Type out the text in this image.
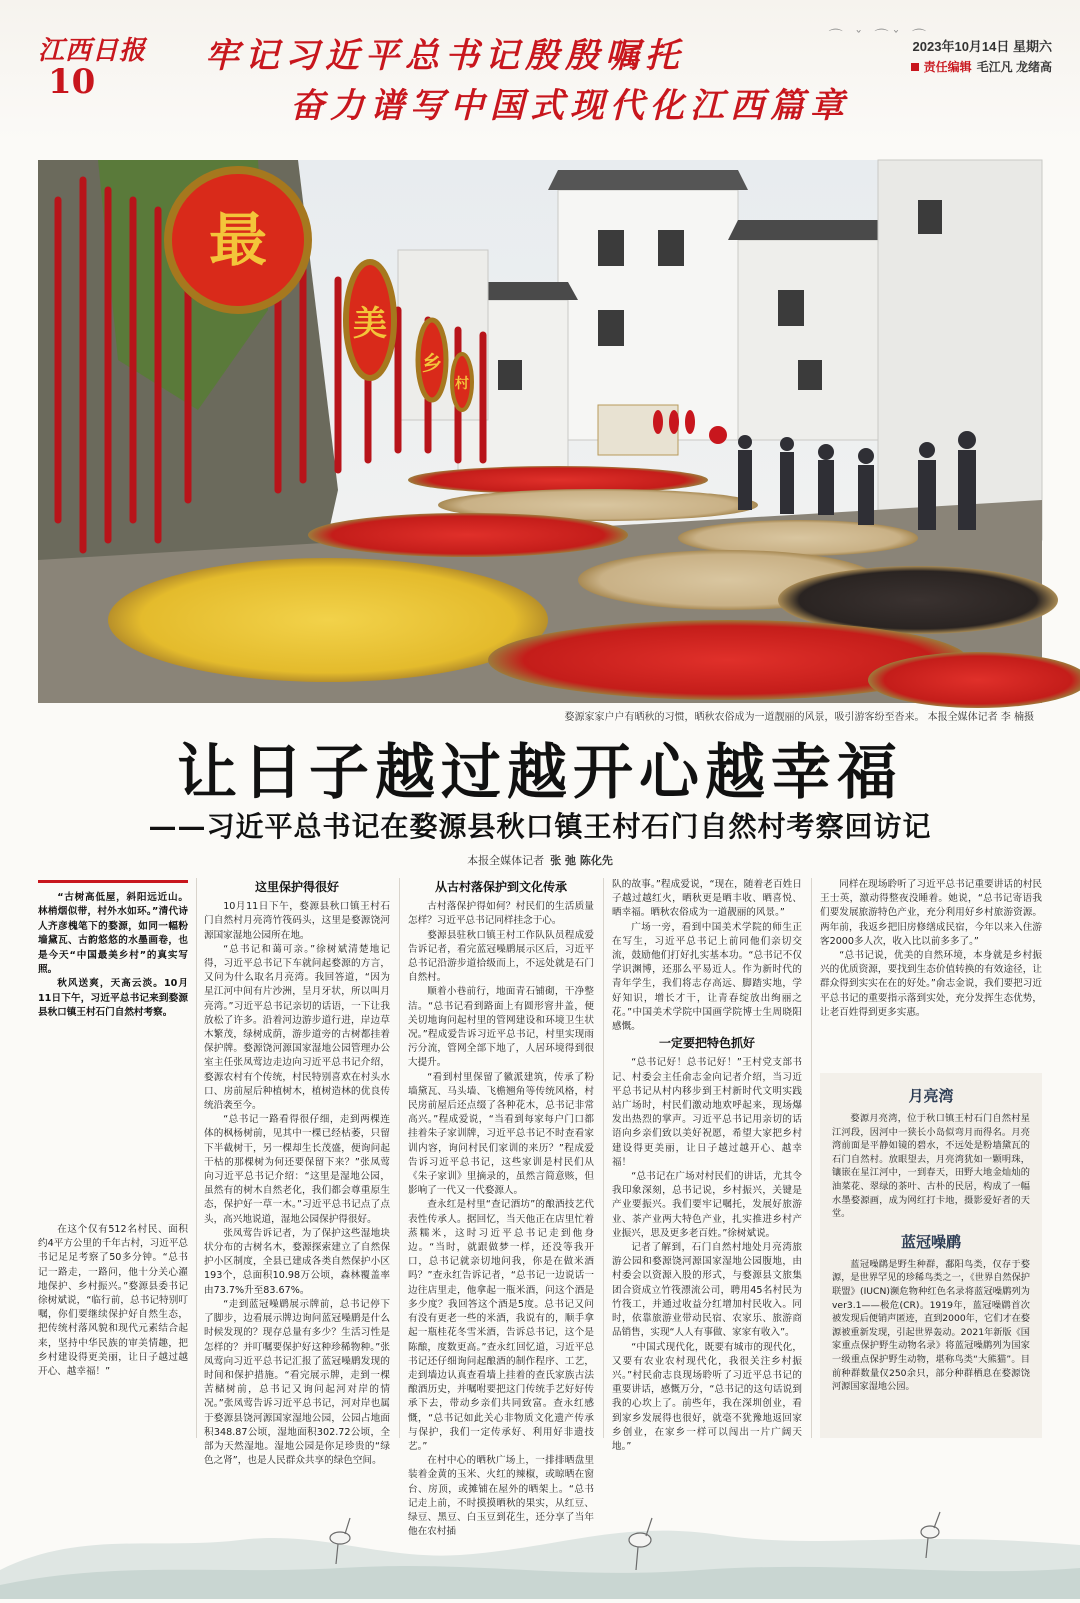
江西日报
10
牢记习近平总书记殷殷嘱托
奋力谱写中国式现代化江西篇章
⌒ ˇ ⌒ˇ ⌒
2023年10月14日 星期六
责任编辑 毛江凡 龙绪高
最
美
乡
村
婺源家家户户有晒秋的习惯，晒秋农俗成为一道靓丽的风景，吸引游客纷至沓来。 本报全媒体记者 李 楠摄
让日子越过越开心越幸福
——习近平总书记在婺源县秋口镇王村石门自然村考察回访记
本报全媒体记者 张 弛 陈化先

“古树高低屋，斜阳远近山。林梢烟似带，村外水如环。”清代诗人齐彦槐笔下的婺源，如同一幅粉墙黛瓦、古韵悠悠的水墨画卷，也是今天“中国最美乡村”的真实写照。

秋风送爽，天高云淡。10月11日下午，习近平总书记来到婺源县秋口镇王村石门自然村考察。

在这个仅有512名村民、面积约4平方公里的千年古村，习近平总书记足足考察了50多分钟。“总书记一路走，一路问，他十分关心濯地保护、乡村振兴。”婺源县委书记徐树斌说，“临行前，总书记特别叮嘱，你们要继续保护好自然生态，把传统村落风貌和现代元素结合起来，坚持中华民族的审美情趣，把乡村建设得更美丽，让日子越过越开心、越幸福！”

这里保护得很好

10月11日下午，婺源县秋口镇王村石门自然村月亮湾竹筏码头，这里是婺源饶河源国家湿地公园所在地。

“总书记和蔼可亲。”徐树斌清楚地记得，习近平总书记下车就问起婺源的方言，又问为什么取名月亮湾。我回答道，“因为星江河中间有片沙洲，呈月牙状，所以叫月亮湾。”习近平总书记亲切的话语，一下让我放松了许多。沿着河边游步道行进，岸边草木繁茂，绿树成荫，游步道旁的古树都挂着保护牌。婺源饶河源国家湿地公园管理办公室主任张凤莺边走边向习近平总书记介绍，婺源农村有个传统，村民特别喜欢在村头水口、房前屋后种植树木，植树造林的优良传统沿袭至今。

“总书记一路看得很仔细，走到两棵连体的枫杨树前，见其中一棵已经枯萎，只留下半截树干，另一棵却生长茂盛，便询问起干枯的那棵树为何还要保留下来？”张凤莺向习近平总书记介绍：“这里是湿地公园，虽然有的树木自然老化，我们都会尊重原生态，保护好一草一木。”习近平总书记点了点头，高兴地说道，湿地公园保护得很好。

张凤莺告诉记者，为了保护这些湿地块状分布的古树名木，婺源探索建立了自然保护小区制度，全县已建成各类自然保护小区193个，总面积10.98万公顷，森林覆盖率由73.7%升至83.67%。

“走到蓝冠噪鹛展示牌前，总书记停下了脚步，边看展示牌边询问蓝冠噪鹛是什么时候发现的？现存总量有多少？生活习性是怎样的？并叮嘱要保护好这种珍稀物种。”张凤莺向习近平总书记汇报了蓝冠噪鹛发现的时间和保护措施。“看完展示牌，走到一棵苦槠树前，总书记又询问起河对岸的情况。”张凤莺告诉习近平总书记，河对岸也属于婺源县饶河源国家湿地公园，公园占地面积348.87公顷，湿地面积302.72公顷，全部为天然湿地。湿地公园是你足珍贵的“绿色之肾”，也是人民群众共享的绿色空间。

从古村落保护到文化传承

古村落保护得如何？村民们的生活质量怎样？习近平总书记同样挂念于心。

婺源县驻秋口镇王村工作队队员程成爱告诉记者，看完蓝冠噪鹛展示区后，习近平总书记沿游步道拾级而上，不远处就是石门自然村。

顺着小巷前行，地面青石铺砌，干净整洁。“总书记看到路面上有圆形窨井盖，便关切地询问起村里的管网建设和环境卫生状况。”程成爱告诉习近平总书记，村里实现雨污分流，管网全部下地了，人居环境得到很大提升。

“看到村里保留了徽派建筑，传承了粉墙黛瓦、马头墙、飞檐翘角等传统风格，村民房前屋后还点缀了各种花木，总书记非常高兴。”程成爱说，“当看到每家每户门口都挂着朱子家训牌，习近平总书记不时查看家训内容，询问村民们家训的来历？”程成爱告诉习近平总书记，这些家训是村民们从《朱子家训》里摘录的，虽然言简意赅，但影响了一代又一代婺源人。

查永红是村里“查记酒坊”的酿酒技艺代表性传承人。据回忆，当天他正在店里忙着蒸糯米，这时习近平总书记走到他身边。“当时，就跟做梦一样，还没等我开口，总书记就亲切地问我，你是在做米酒吗？”查永红告诉记者，“总书记一边说话一边往店里走，他拿起一瓶米酒，问这个酒是多少度？我回答这个酒是5度。总书记又问有没有更老一些的米酒，我说有的，顺手拿起一瓶桂花冬雪米酒，告诉总书记，这个是陈酿，度数更高。”查永红回忆道，习近平总书记还仔细询问起酿酒的制作程序、工艺，走到墙边认真查看墙上挂着的查氏家族古法酿酒历史，并嘱咐要把这门传统手艺好好传承下去，带动乡亲们共同致富。查永红感慨，“总书记如此关心非物质文化遗产传承与保护，我们一定传承好、利用好非遗技艺。”

在村中心的晒秋广场上，一排排晒盘里装着金黄的玉米、火红的辣椒，或晾晒在窗台、房顶，或摊铺在屋外的晒架上。“总书记走上前，不时摸摸晒秋的果实，从红豆、绿豆、黑豆、白玉豆到花生，还分享了当年他在农村插

队的故事。”程成爱说，“现在，随着老百姓日子越过越红火，晒秋更是晒丰收、晒喜悦、晒幸福。晒秋农俗成为一道靓丽的风景。”

广场一旁，看到中国美术学院的师生正在写生，习近平总书记上前同他们亲切交流，鼓励他们打好扎实基本功。“总书记不仅学识渊博，还那么平易近人。作为新时代的青年学生，我们将志存高远、脚踏实地，学好知识，增长才干，让青春绽放出绚丽之花。”中国美术学院中国画学院博士生周晓阳感慨。

一定要把特色抓好

“总书记好！总书记好！”王村党支部书记、村委会主任俞志金向记者介绍，当习近平总书记从村内移步到王村新时代文明实践站广场时，村民们激动地欢呼起来，现场爆发出热烈的掌声。习近平总书记用亲切的话语向乡亲们致以美好祝愿，希望大家把乡村建设得更美丽，让日子越过越开心、越幸福！

“总书记在广场对村民们的讲话，尤其令我印象深刻，总书记说，乡村振兴，关键是产业要振兴。我们要牢记嘱托，发展好旅游业、茶产业两大特色产业，扎实推进乡村产业振兴，思及更多老百姓。”徐树斌说。

记者了解到，石门自然村地处月亮湾旅游公园和婺源饶河源国家湿地公园腹地，由村委会以资源入股的形式，与婺源县文旅集团合资成立竹筏漂流公司，聘用45名村民为竹筏工，并通过收益分红增加村民收入。同时，依靠旅游业带动民宿、农家乐、旅游商品销售，实现“人人有事做、家家有收入”。

“中国式现代化，既要有城市的现代化，又要有农业农村现代化，我很关注乡村振兴。”村民俞志良现场聆听了习近平总书记的重要讲话，感慨万分，“总书记的这句话说到我的心坎上了。前些年，我在深圳创业，看到家乡发展得也很好，就毫不犹豫地返回家乡创业，在家乡一样可以闯出一片广阔天地。”

同样在现场聆听了习近平总书记重要讲话的村民王士英，激动得整夜没睡着。她说，“总书记寄语我们要发展旅游特色产业，充分利用好乡村旅游资源。两年前，我返乡把旧房修缮成民宿，今年以来入住游客2000多人次，收入比以前多多了。”

“总书记说，优美的自然环境，本身就是乡村振兴的优质资源，要找到生态价值转换的有效途径，让群众得到实实在在的好处。”俞志金说，我们要把习近平总书记的重要指示落到实处，充分发挥生态优势，让老百姓得到更多实惠。

月亮湾

婺源月亮湾，位于秋口镇王村石门自然村星江河段，因河中一狭长小岛似弯月而得名。月亮湾前面是平静如镜的碧水，不远处是粉墙黛瓦的石门自然村。放眼望去，月亮湾犹如一颗明珠，镶嵌在星江河中，一到春天，田野大地金灿灿的油菜花、翠绿的茶叶、古朴的民居，构成了一幅水墨婺源画，成为网红打卡地，摄影爱好者的天堂。

蓝冠噪鹛

蓝冠噪鹛是野生种群，鄱阳鸟类，仅存于婺源，是世界罕见的珍稀鸟类之一，《世界自然保护联盟》(IUCN)濒危物种红色名录将蓝冠噪鹛列为ver3.1——极危(CR)。1919年，蓝冠噪鹛首次被发现后便销声匿迹，直到2000年，它们才在婺源被重新发现，引起世界轰动。2021年新版《国家重点保护野生动物名录》将蓝冠噪鹛列为国家一级重点保护野生动物，堪称鸟类“大熊猫”。目前种群数量仅250余只，部分种群栖息在婺源饶河源国家湿地公园。
